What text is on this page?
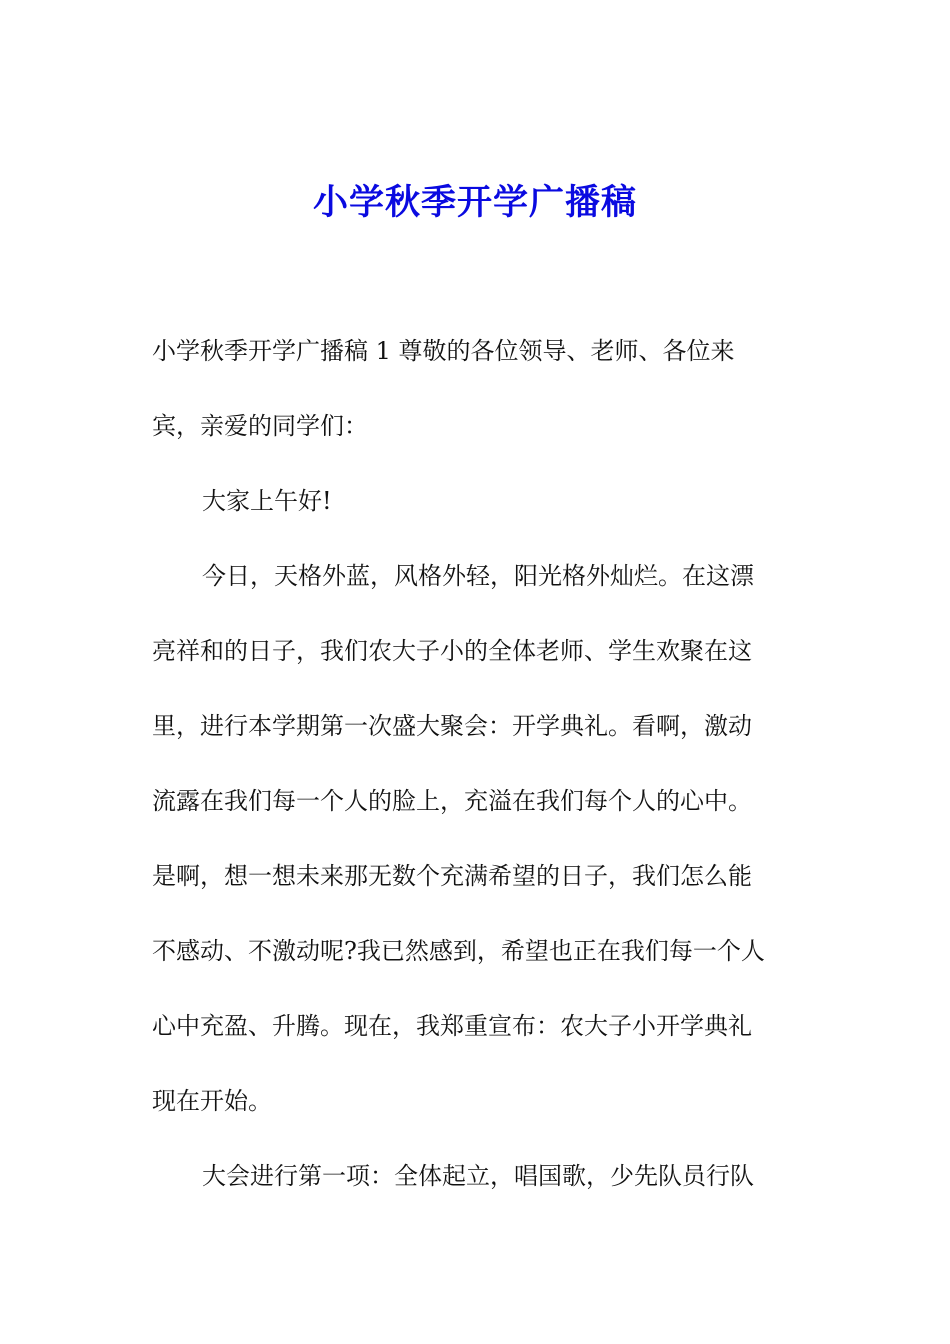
小学秋季开学广播稿

小学秋季开学广播稿 1 尊敬的各位领导、老师、各位来

宾，亲爱的同学们：

大家上午好!

今日，天格外蓝，风格外轻，阳光格外灿烂。在这漂

亮祥和的日子，我们农大子小的全体老师、学生欢聚在这

里，进行本学期第一次盛大聚会：开学典礼。看啊，激动

流露在我们每一个人的脸上，充溢在我们每个人的心中。

是啊，想一想未来那无数个充满希望的日子，我们怎么能

不感动、不激动呢?我已然感到，希望也正在我们每一个人

心中充盈、升腾。现在，我郑重宣布：农大子小开学典礼

现在开始。

大会进行第一项：全体起立，唱国歌，少先队员行队
